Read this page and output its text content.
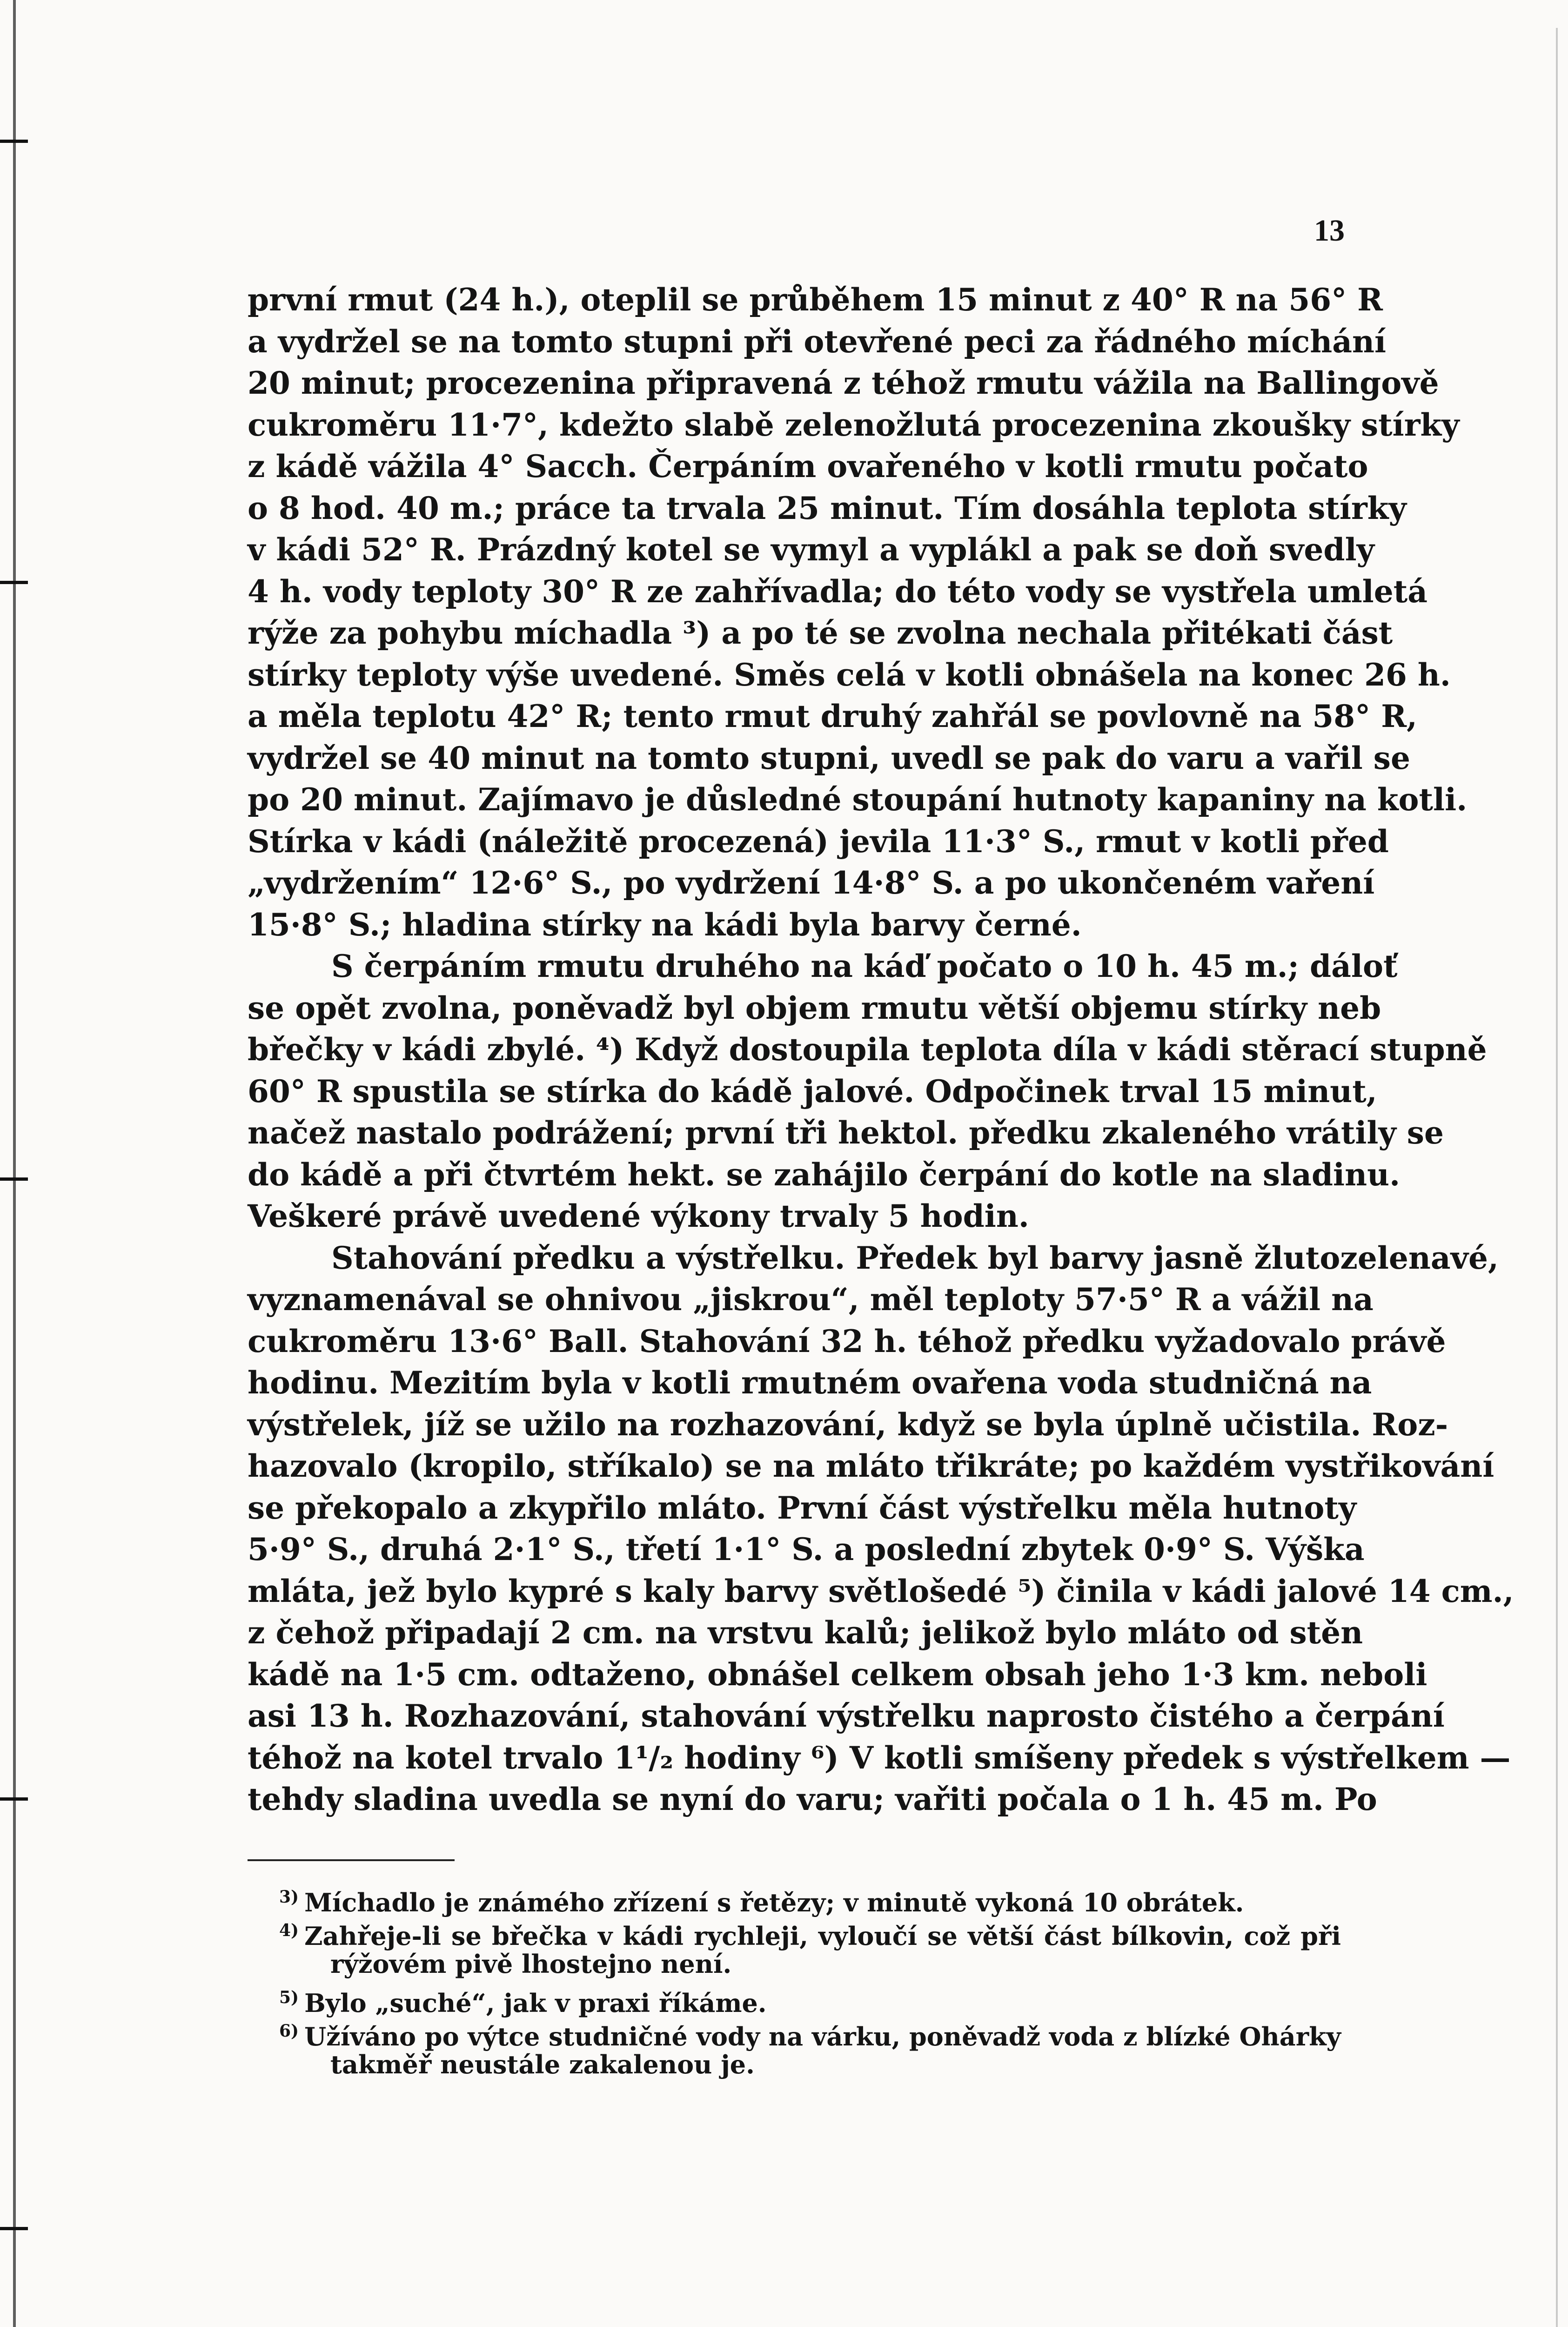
13
první rmut (24 h.), oteplil se průběhem 15 minut z 40° R na 56° R
a vydržel se na tomto stupni při otevřené peci za řádného míchání
20 minut; procezenina připravená z téhož rmutu vážila na Ballingově
cukroměru 11·7°, kdežto slabě zelenožlutá procezenina zkoušky stírky
z kádě vážila 4° Sacch. Čerpáním ovařeného v kotli rmutu počato
o 8 hod. 40 m.; práce ta trvala 25 minut. Tím dosáhla teplota stírky
v kádi 52° R. Prázdný kotel se vymyl a vyplákl a pak se doň svedly
4 h. vody teploty 30° R ze zahřívadla; do této vody se vystřela umletá
rýže za pohybu míchadla ³) a po té se zvolna nechala přitékati část
stírky teploty výše uvedené. Směs celá v kotli obnášela na konec 26 h.
a měla teplotu 42° R; tento rmut druhý zahřál se povlovně na 58° R,
vydržel se 40 minut na tomto stupni, uvedl se pak do varu a vařil se
po 20 minut. Zajímavo je důsledné stoupání hutnoty kapaniny na kotli.
Stírka v kádi (náležitě procezená) jevila 11·3° S., rmut v kotli před
„vydržením“ 12·6° S., po vydržení 14·8° S. a po ukončeném vaření
15·8° S.; hladina stírky na kádi byla barvy černé.
S čerpáním rmutu druhého na káď počato o 10 h. 45 m.; dáloť
se opět zvolna, poněvadž byl objem rmutu větší objemu stírky neb
břečky v kádi zbylé. ⁴) Když dostoupila teplota díla v kádi stěrací stupně
60° R spustila se stírka do kádě jalové. Odpočinek trval 15 minut,
načež nastalo podrážení; první tři hektol. předku zkaleného vrátily se
do kádě a při čtvrtém hekt. se zahájilo čerpání do kotle na sladinu.
Veškeré právě uvedené výkony trvaly 5 hodin.
Stahování předku a výstřelku. Předek byl barvy jasně žlutozelenavé,
vyznamenával se ohnivou „jiskrou“, měl teploty 57·5° R a vážil na
cukroměru 13·6° Ball. Stahování 32 h. téhož předku vyžadovalo právě
hodinu. Mezitím byla v kotli rmutném ovařena voda studničná na
výstřelek, jíž se užilo na rozhazování, když se byla úplně učistila. Roz-
hazovalo (kropilo, stříkalo) se na mláto třikráte; po každém vystřikování
se překopalo a zkypřilo mláto. První část výstřelku měla hutnoty
5·9° S., druhá 2·1° S., třetí 1·1° S. a poslední zbytek 0·9° S. Výška
mláta, jež bylo kypré s kaly barvy světlošedé ⁵) činila v kádi jalové 14 cm.,
z čehož připadají 2 cm. na vrstvu kalů; jelikož bylo mláto od stěn
kádě na 1·5 cm. odtaženo, obnášel celkem obsah jeho 1·3 km. neboli
asi 13 h. Rozhazování, stahování výstřelku naprosto čistého a čerpání
téhož na kotel trvalo 1¹/₂ hodiny ⁶) V kotli smíšeny předek s výstřelkem —
tehdy sladina uvedla se nyní do varu; vařiti počala o 1 h. 45 m. Po
$^{3)}$ Míchadlo je známého zřízení s řetězy; v minutě vykoná 10 obrátek.
$^{4)}$ Zahřeje-li se břečka v kádi rychleji, vyloučí se větší část bílkovin, což při
rýžovém pivě lhostejno není.
$^{5)}$ Bylo „suché“, jak v praxi říkáme.
$^{6)}$ Užíváno po výtce studničné vody na várku, poněvadž voda z blízké Ohárky
takměř neustále zakalenou je.
